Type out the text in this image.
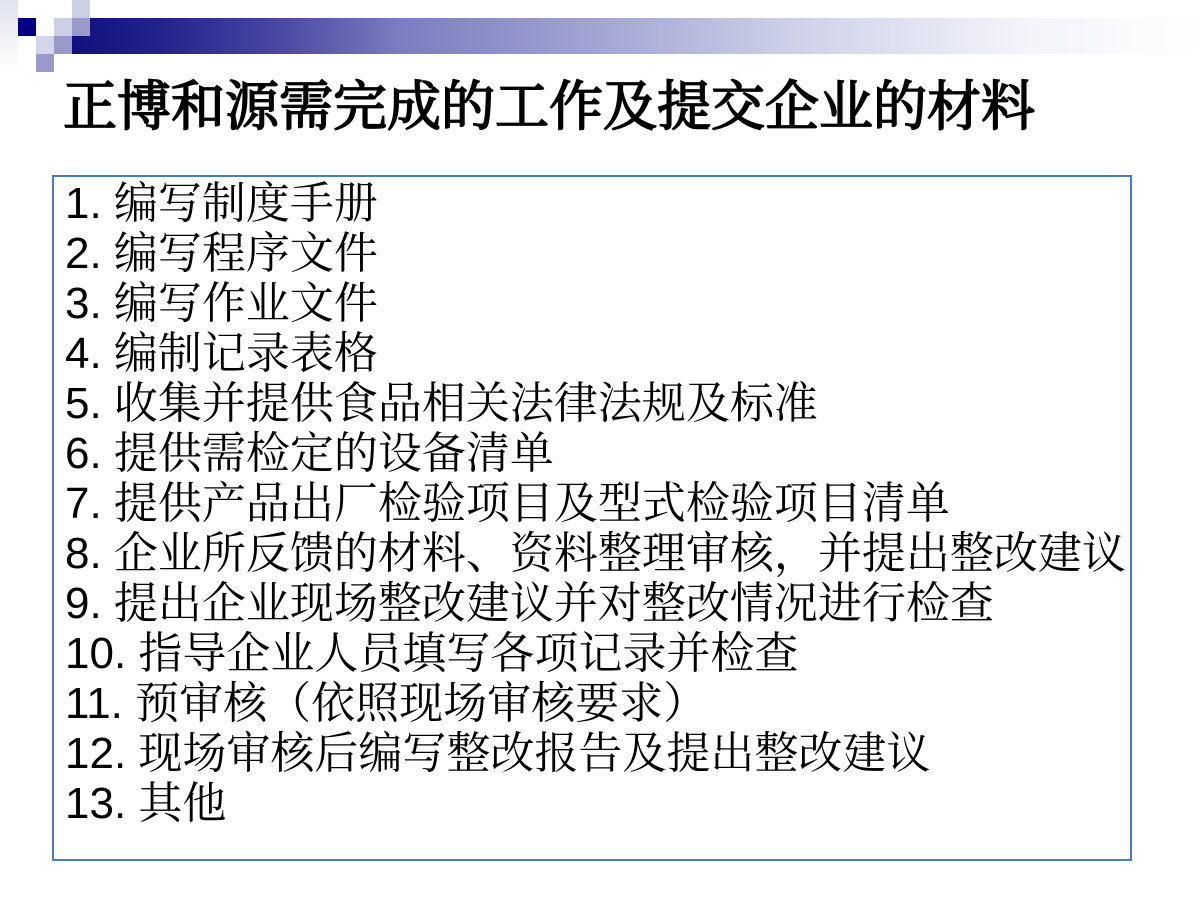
正博和源需完成的工作及提交企业的材料
1. 编写制度手册
2. 编写程序文件
3. 编写作业文件
4. 编制记录表格
5. 收集并提供食品相关法律法规及标准
6. 提供需检定的设备清单
7. 提供产品出厂检验项目及型式检验项目清单
8. 企业所反馈的材料、资料整理审核，并提出整改建议
9. 提出企业现场整改建议并对整改情况进行检查
10. 指导企业人员填写各项记录并检查
11. 预审核（依照现场审核要求）
12. 现场审核后编写整改报告及提出整改建议
13. 其他
